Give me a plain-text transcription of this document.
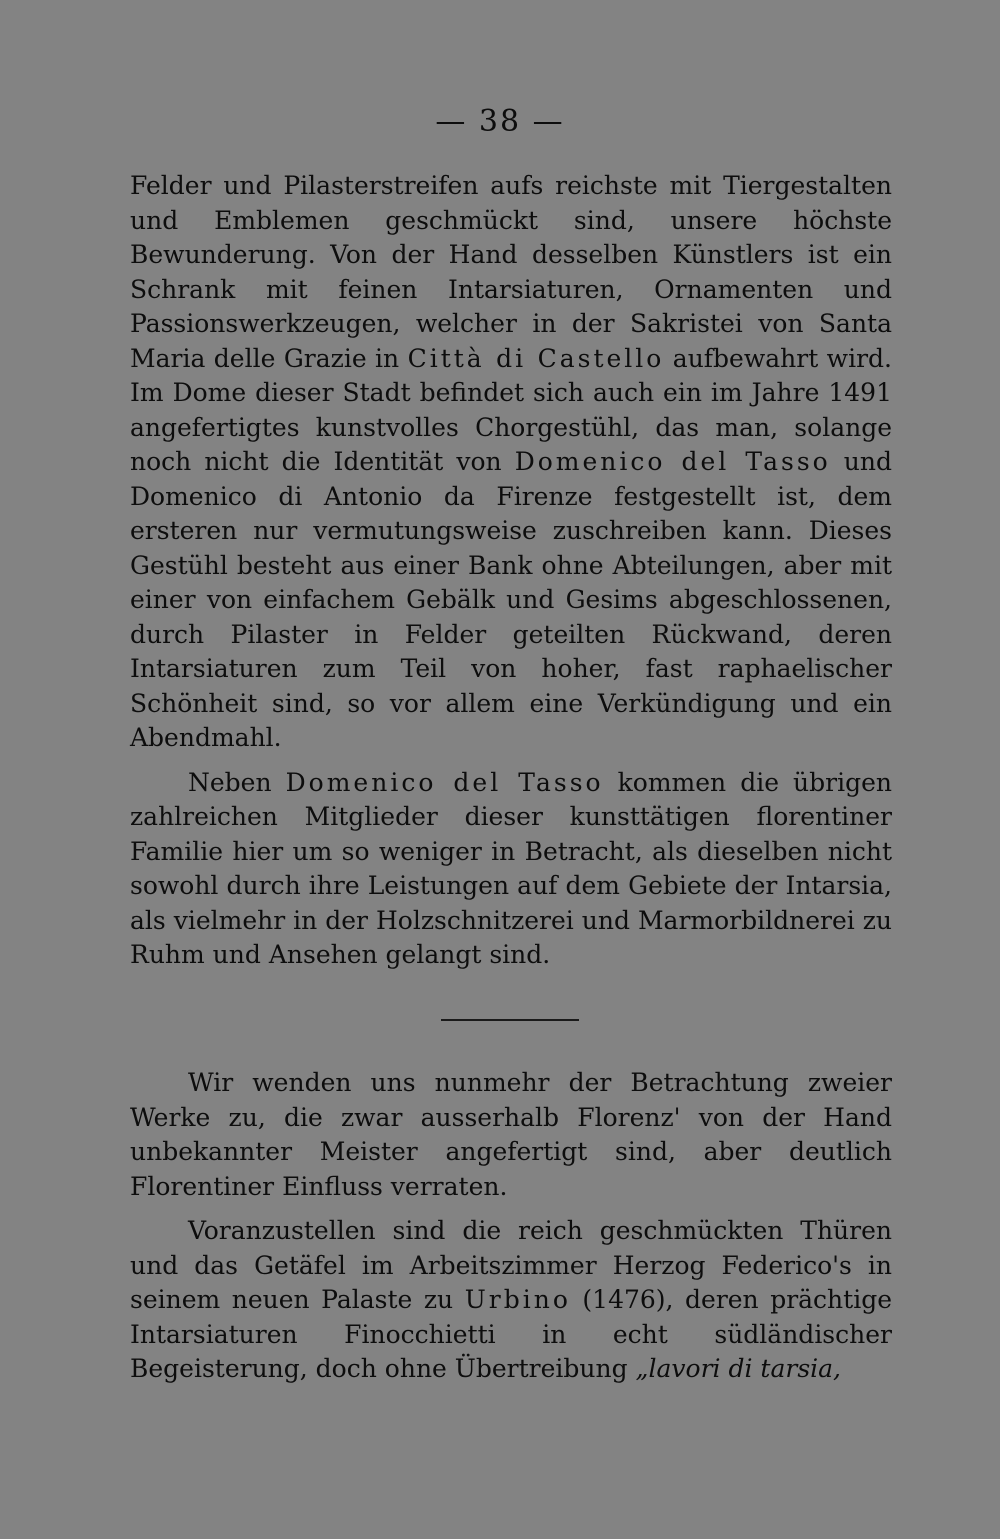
— 38 —

Felder und Pilasterstreifen aufs reichste mit Tiergestalten und Emblemen geschmückt sind, unsere höchste Bewunderung. Von der Hand desselben Künstlers ist ein Schrank mit feinen Intarsiaturen, Ornamenten und Passionswerkzeugen, welcher in der Sakristei von Santa Maria delle Grazie in Città di Castello aufbewahrt wird. Im Dome dieser Stadt befindet sich auch ein im Jahre 1491 angefertigtes kunstvolles Chorgestühl, das man, solange noch nicht die Identität von Domenico del Tasso und Domenico di Antonio da Firenze festgestellt ist, dem ersteren nur vermutungsweise zuschreiben kann. Dieses Gestühl besteht aus einer Bank ohne Abteilungen, aber mit einer von einfachem Gebälk und Gesims abgeschlossenen, durch Pilaster in Felder geteilten Rückwand, deren Intarsiaturen zum Teil von hoher, fast raphaelischer Schönheit sind, so vor allem eine Verkündigung und ein Abendmahl.

Neben Domenico del Tasso kommen die übrigen zahlreichen Mitglieder dieser kunsttätigen florentiner Familie hier um so weniger in Betracht, als dieselben nicht sowohl durch ihre Leistungen auf dem Gebiete der Intarsia, als vielmehr in der Holzschnitzerei und Marmorbildnerei zu Ruhm und Ansehen gelangt sind.

Wir wenden uns nunmehr der Betrachtung zweier Werke zu, die zwar ausserhalb Florenz' von der Hand unbekannter Meister angefertigt sind, aber deutlich Florentiner Einfluss verraten.

Voranzustellen sind die reich geschmückten Thüren und das Getäfel im Arbeitszimmer Herzog Federico's in seinem neuen Palaste zu Urbino (1476), deren prächtige Intarsiaturen Finocchietti in echt südländischer Begeisterung, doch ohne Übertreibung „lavori di tarsia,
